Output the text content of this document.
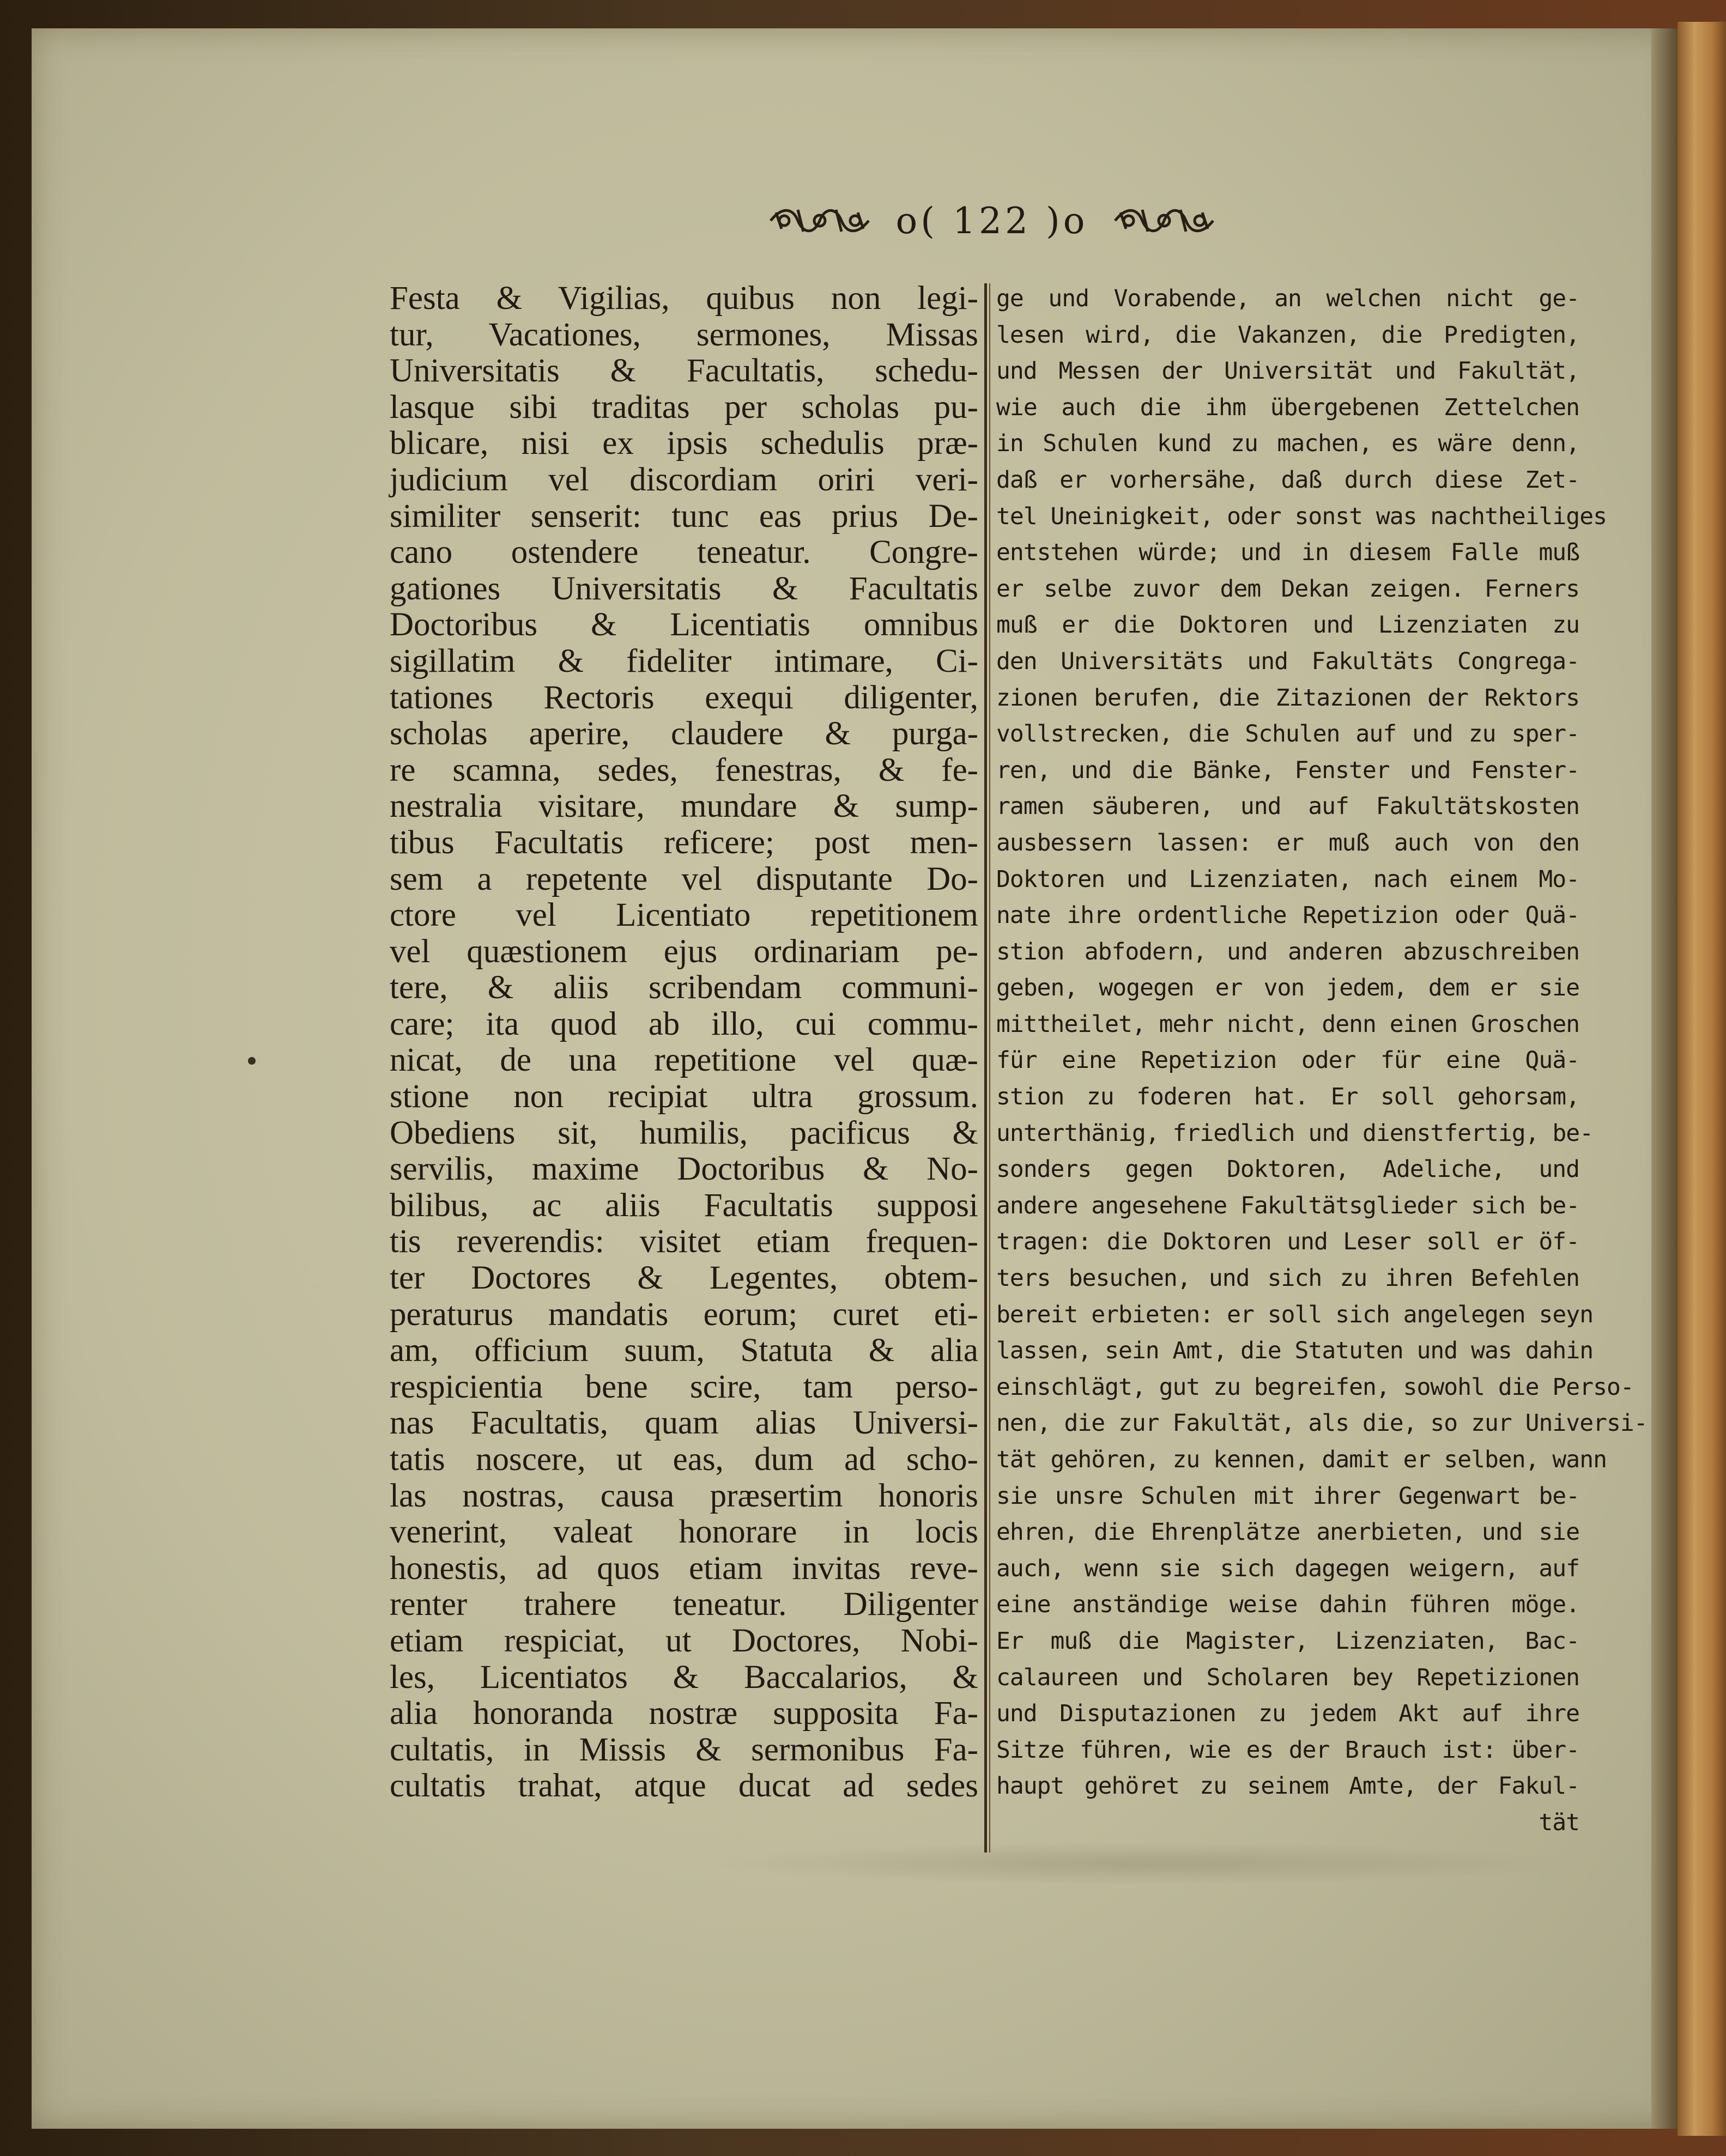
o( 122 )o
Festa & Vigilias, quibus non legi-
tur, Vacationes, sermones, Missas
Universitatis & Facultatis, schedu-
lasque sibi traditas per scholas pu-
blicare, nisi ex ipsis schedulis præ-
judicium vel discordiam oriri veri-
similiter senserit: tunc eas prius De-
cano ostendere teneatur. Congre-
gationes Universitatis & Facultatis
Doctoribus & Licentiatis omnibus
sigillatim & fideliter intimare, Ci-
tationes Rectoris exequi diligenter,
scholas aperire, claudere & purga-
re scamna, sedes, fenestras, & fe-
nestralia visitare, mundare & sump-
tibus Facultatis reficere; post men-
sem a repetente vel disputante Do-
ctore vel Licentiato repetitionem
vel quæstionem ejus ordinariam pe-
tere, & aliis scribendam communi-
care; ita quod ab illo, cui commu-
nicat, de una repetitione vel quæ-
stione non recipiat ultra grossum.
Obediens sit, humilis, pacificus &
servilis, maxime Doctoribus & No-
bilibus, ac aliis Facultatis supposi
tis reverendis: visitet etiam frequen-
ter Doctores & Legentes, obtem-
peraturus mandatis eorum; curet eti-
am, officium suum, Statuta & alia
respicientia bene scire, tam perso-
nas Facultatis, quam alias Universi-
tatis noscere, ut eas, dum ad scho-
las nostras, causa præsertim honoris
venerint, valeat honorare in locis
honestis, ad quos etiam invitas reve-
renter trahere teneatur. Diligenter
etiam respiciat, ut Doctores, Nobi-
les, Licentiatos & Baccalarios, &
alia honoranda nostræ supposita Fa-
cultatis, in Missis & sermonibus Fa-
cultatis trahat, atque ducat ad sedes
ge und Vorabende, an welchen nicht ge-
lesen wird, die Vakanzen, die Predigten,
und Messen der Universität und Fakultät,
wie auch die ihm übergebenen Zettelchen
in Schulen kund zu machen, es wäre denn,
daß er vorhersähe, daß durch diese Zet-
tel Uneinigkeit, oder sonst was nachtheiliges
entstehen würde; und in diesem Falle muß
er selbe zuvor dem Dekan zeigen. Ferners
muß er die Doktoren und Lizenziaten zu
den Universitäts und Fakultäts Congrega-
zionen berufen, die Zitazionen der Rektors
vollstrecken, die Schulen auf und zu sper-
ren, und die Bänke, Fenster und Fenster-
ramen säuberen, und auf Fakultätskosten
ausbessern lassen: er muß auch von den
Doktoren und Lizenziaten, nach einem Mo-
nate ihre ordentliche Repetizion oder Quä-
stion abfodern, und anderen abzuschreiben
geben, wogegen er von jedem, dem er sie
mittheilet, mehr nicht, denn einen Groschen
für eine Repetizion oder für eine Quä-
stion zu foderen hat. Er soll gehorsam,
unterthänig, friedlich und dienstfertig, be-
sonders gegen Doktoren, Adeliche, und
andere angesehene Fakultätsglieder sich be-
tragen: die Doktoren und Leser soll er öf-
ters besuchen, und sich zu ihren Befehlen
bereit erbieten: er soll sich angelegen seyn
lassen, sein Amt, die Statuten und was dahin
einschlägt, gut zu begreifen, sowohl die Perso-
nen, die zur Fakultät, als die, so zur Universi-
tät gehören, zu kennen, damit er selben, wann
sie unsre Schulen mit ihrer Gegenwart be-
ehren, die Ehrenplätze anerbieten, und sie
auch, wenn sie sich dagegen weigern, auf
eine anständige weise dahin führen möge.
Er muß die Magister, Lizenziaten, Bac-
calaureen und Scholaren bey Repetizionen
und Disputazionen zu jedem Akt auf ihre
Sitze führen, wie es der Brauch ist: über-
haupt gehöret zu seinem Amte, der Fakul-
tät
